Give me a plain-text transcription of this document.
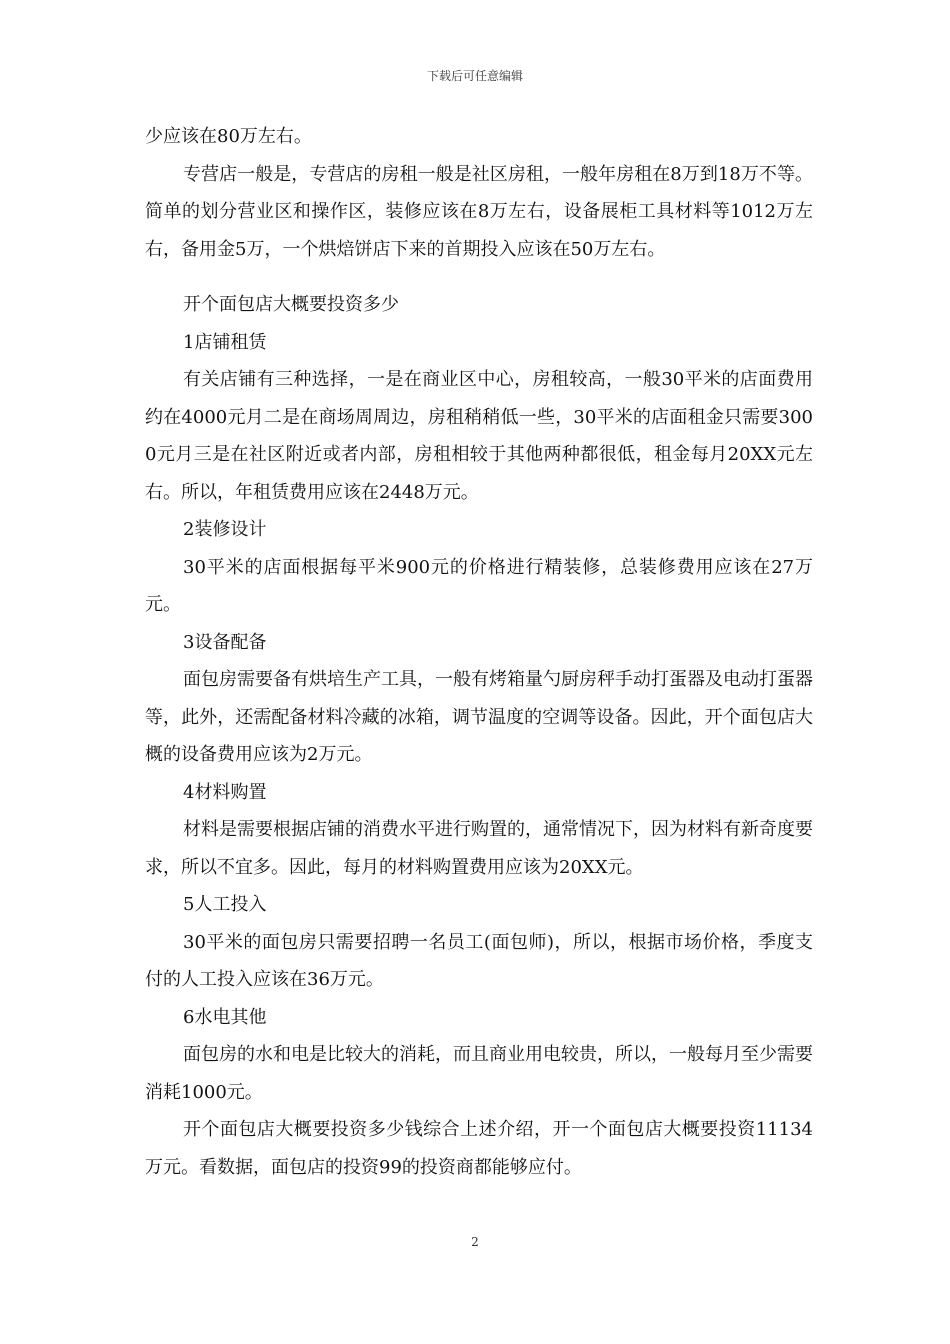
下载后可任意编辑

少应该在80万左右。

专营店一般是，专营店的房租一般是社区房租，一般年房租在8万到18万不等。简单的划分营业区和操作区，装修应该在8万左右，设备展柜工具材料等1012万左右，备用金5万，一个烘焙饼店下来的首期投入应该在50万左右。

开个面包店大概要投资多少

1店铺租赁

有关店铺有三种选择，一是在商业区中心，房租较高，一般30平米的店面费用约在4000元月二是在商场周周边，房租稍稍低一些，30平米的店面租金只需要3000元月三是在社区附近或者内部，房租相较于其他两种都很低，租金每月20XX元左右。所以，年租赁费用应该在2448万元。

2装修设计

30平米的店面根据每平米900元的价格进行精装修，总装修费用应该在27万元。

3设备配备

面包房需要备有烘培生产工具，一般有烤箱量勺厨房秤手动打蛋器及电动打蛋器等，此外，还需配备材料冷藏的冰箱，调节温度的空调等设备。因此，开个面包店大概的设备费用应该为2万元。

4材料购置

材料是需要根据店铺的消费水平进行购置的，通常情况下，因为材料有新奇度要求，所以不宜多。因此，每月的材料购置费用应该为20XX元。

5人工投入

30平米的面包房只需要招聘一名员工(面包师)，所以，根据市场价格，季度支付的人工投入应该在36万元。

6水电其他

面包房的水和电是比较大的消耗，而且商业用电较贵，所以，一般每月至少需要消耗1000元。

开个面包店大概要投资多少钱综合上述介绍，开一个面包店大概要投资11134万元。看数据，面包店的投资99的投资商都能够应付。

2
